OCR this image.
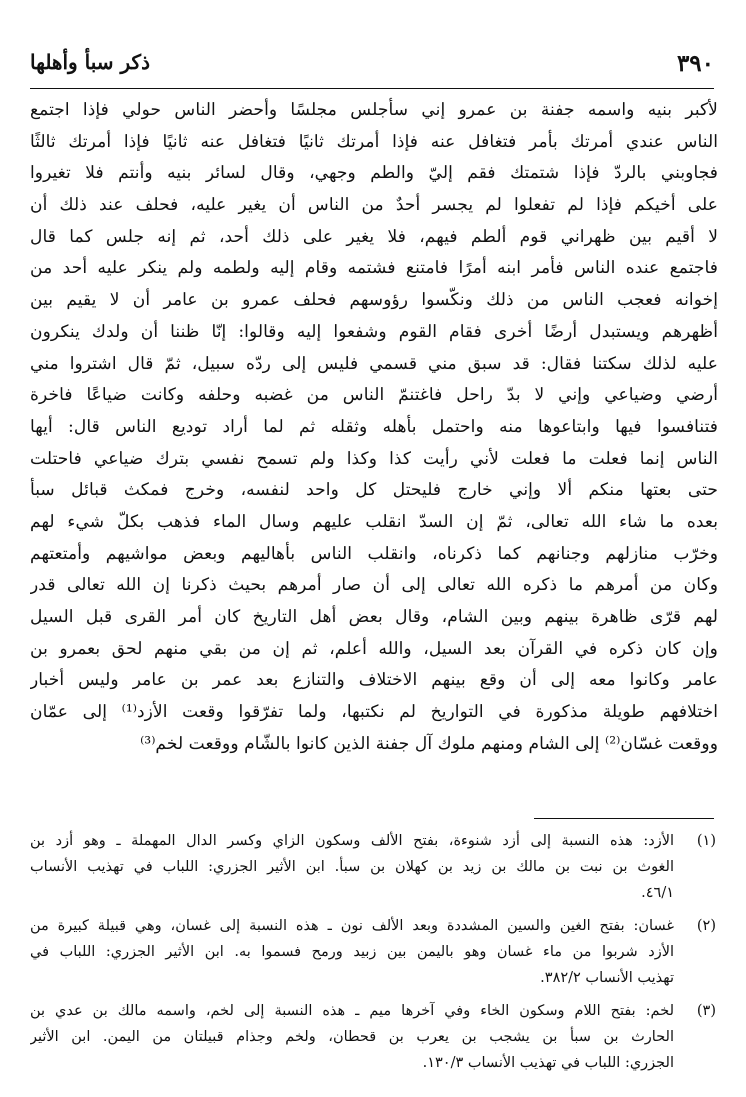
ذكر سبأ وأهلها	٣٩٠
لأكبر بنيه واسمه جفنة بن عمرو إني سأجلس مجلسًا وأحضر الناس حولي فإذا اجتمع
الناس عندي أمرتك بأمر فتغافل عنه فإذا أمرتك ثانيًا فتغافل عنه ثانيًا فإذا أمرتك ثالثًا
فجاوبني بالردّ فإذا شتمتك فقم إليّ والطم وجهي، وقال لسائر بنيه وأنتم فلا تغيروا
على أخيكم فإذا لم تفعلوا لم يجسر أحدٌ من الناس أن يغير عليه، فحلف عند ذلك أن
لا أقيم بين ظهراني قوم ألطم فيهم، فلا يغير على ذلك أحد، ثم إنه جلس كما قال
فاجتمع عنده الناس فأمر ابنه أمرًا فامتنع فشتمه وقام إليه ولطمه ولم ينكر عليه أحد من
إخوانه فعجب الناس من ذلك ونكّسوا رؤوسهم فحلف عمرو بن عامر أن لا يقيم بين
أظهرهم ويستبدل أرضًا أخرى فقام القوم وشفعوا إليه وقالوا: إنّا ظننا أن ولدك ينكرون
عليه لذلك سكتنا فقال: قد سبق مني قسمي فليس إلى ردّه سبيل، ثمّ قال اشتروا مني
أرضي وضياعي وإني لا بدّ راحل فاغتنمّ الناس من غضبه وحلفه وكانت ضياعًا فاخرة
فتنافسوا فيها وابتاعوها منه واحتمل بأهله وثقله ثم لما أراد توديع الناس قال: أيها
الناس إنما فعلت ما فعلت لأني رأيت كذا وكذا ولم تسمح نفسي بترك ضياعي فاحتلت
حتى بعتها منكم ألا وإني خارج فليحتل كل واحد لنفسه، وخرج فمكث قبائل سبأ
بعده ما شاء الله تعالى، ثمّ إن السدّ انقلب عليهم وسال الماء فذهب بكلّ شيء لهم
وخرّب منازلهم وجنانهم كما ذكرناه، وانقلب الناس بأهاليهم وبعض مواشيهم وأمتعتهم
وكان من أمرهم ما ذكره الله تعالى إلى أن صار أمرهم بحيث ذكرنا إن الله تعالى قدر
لهم قرّى ظاهرة بينهم وبين الشام، وقال بعض أهل التاريخ كان أمر القرى قبل السيل
وإن كان ذكره في القرآن بعد السيل، والله أعلم، ثم إن من بقي منهم لحق بعمرو بن
عامر وكانوا معه إلى أن وقع بينهم الاختلاف والتنازع بعد عمر بن عامر وليس أخبار
اختلافهم طويلة مذكورة في التواريخ لم نكتبها، ولما تفرّقوا وقعت الأزد⁽¹⁾ إلى عمّان
ووقعت غسّان⁽²⁾ إلى الشام ومنهم ملوك آل جفنة الذين كانوا بالشّام ووقعت لخم⁽³⁾
(١)
الأزد: هذه النسبة إلى أزد شنوءة، بفتح الألف وسكون الزاي وكسر الدال المهملة ـ وهو أزد بن
الغوث بن نبت بن مالك بن زيد بن كهلان بن سبأ. ابن الأثير الجزري: اللباب في تهذيب الأنساب
٤٦/١.
(٢)
غسان: بفتح الغين والسين المشددة وبعد الألف نون ـ هذه النسبة إلى غسان، وهي قبيلة كبيرة من
الأزد شربوا من ماء غسان وهو باليمن بين زبيد ورمح فسموا به. ابن الأثير الجزري: اللباب في
تهذيب الأنساب ٣٨٢/٢.
(٣)
لخم: بفتح اللام وسكون الخاء وفي آخرها ميم ـ هذه النسبة إلى لخم، واسمه مالك بن عدي بن
الحارث بن سبأ بن يشجب بن يعرب بن قحطان، ولخم وجذام قبيلتان من اليمن. ابن الأثير
الجزري: اللباب في تهذيب الأنساب ١٣٠/٣.
